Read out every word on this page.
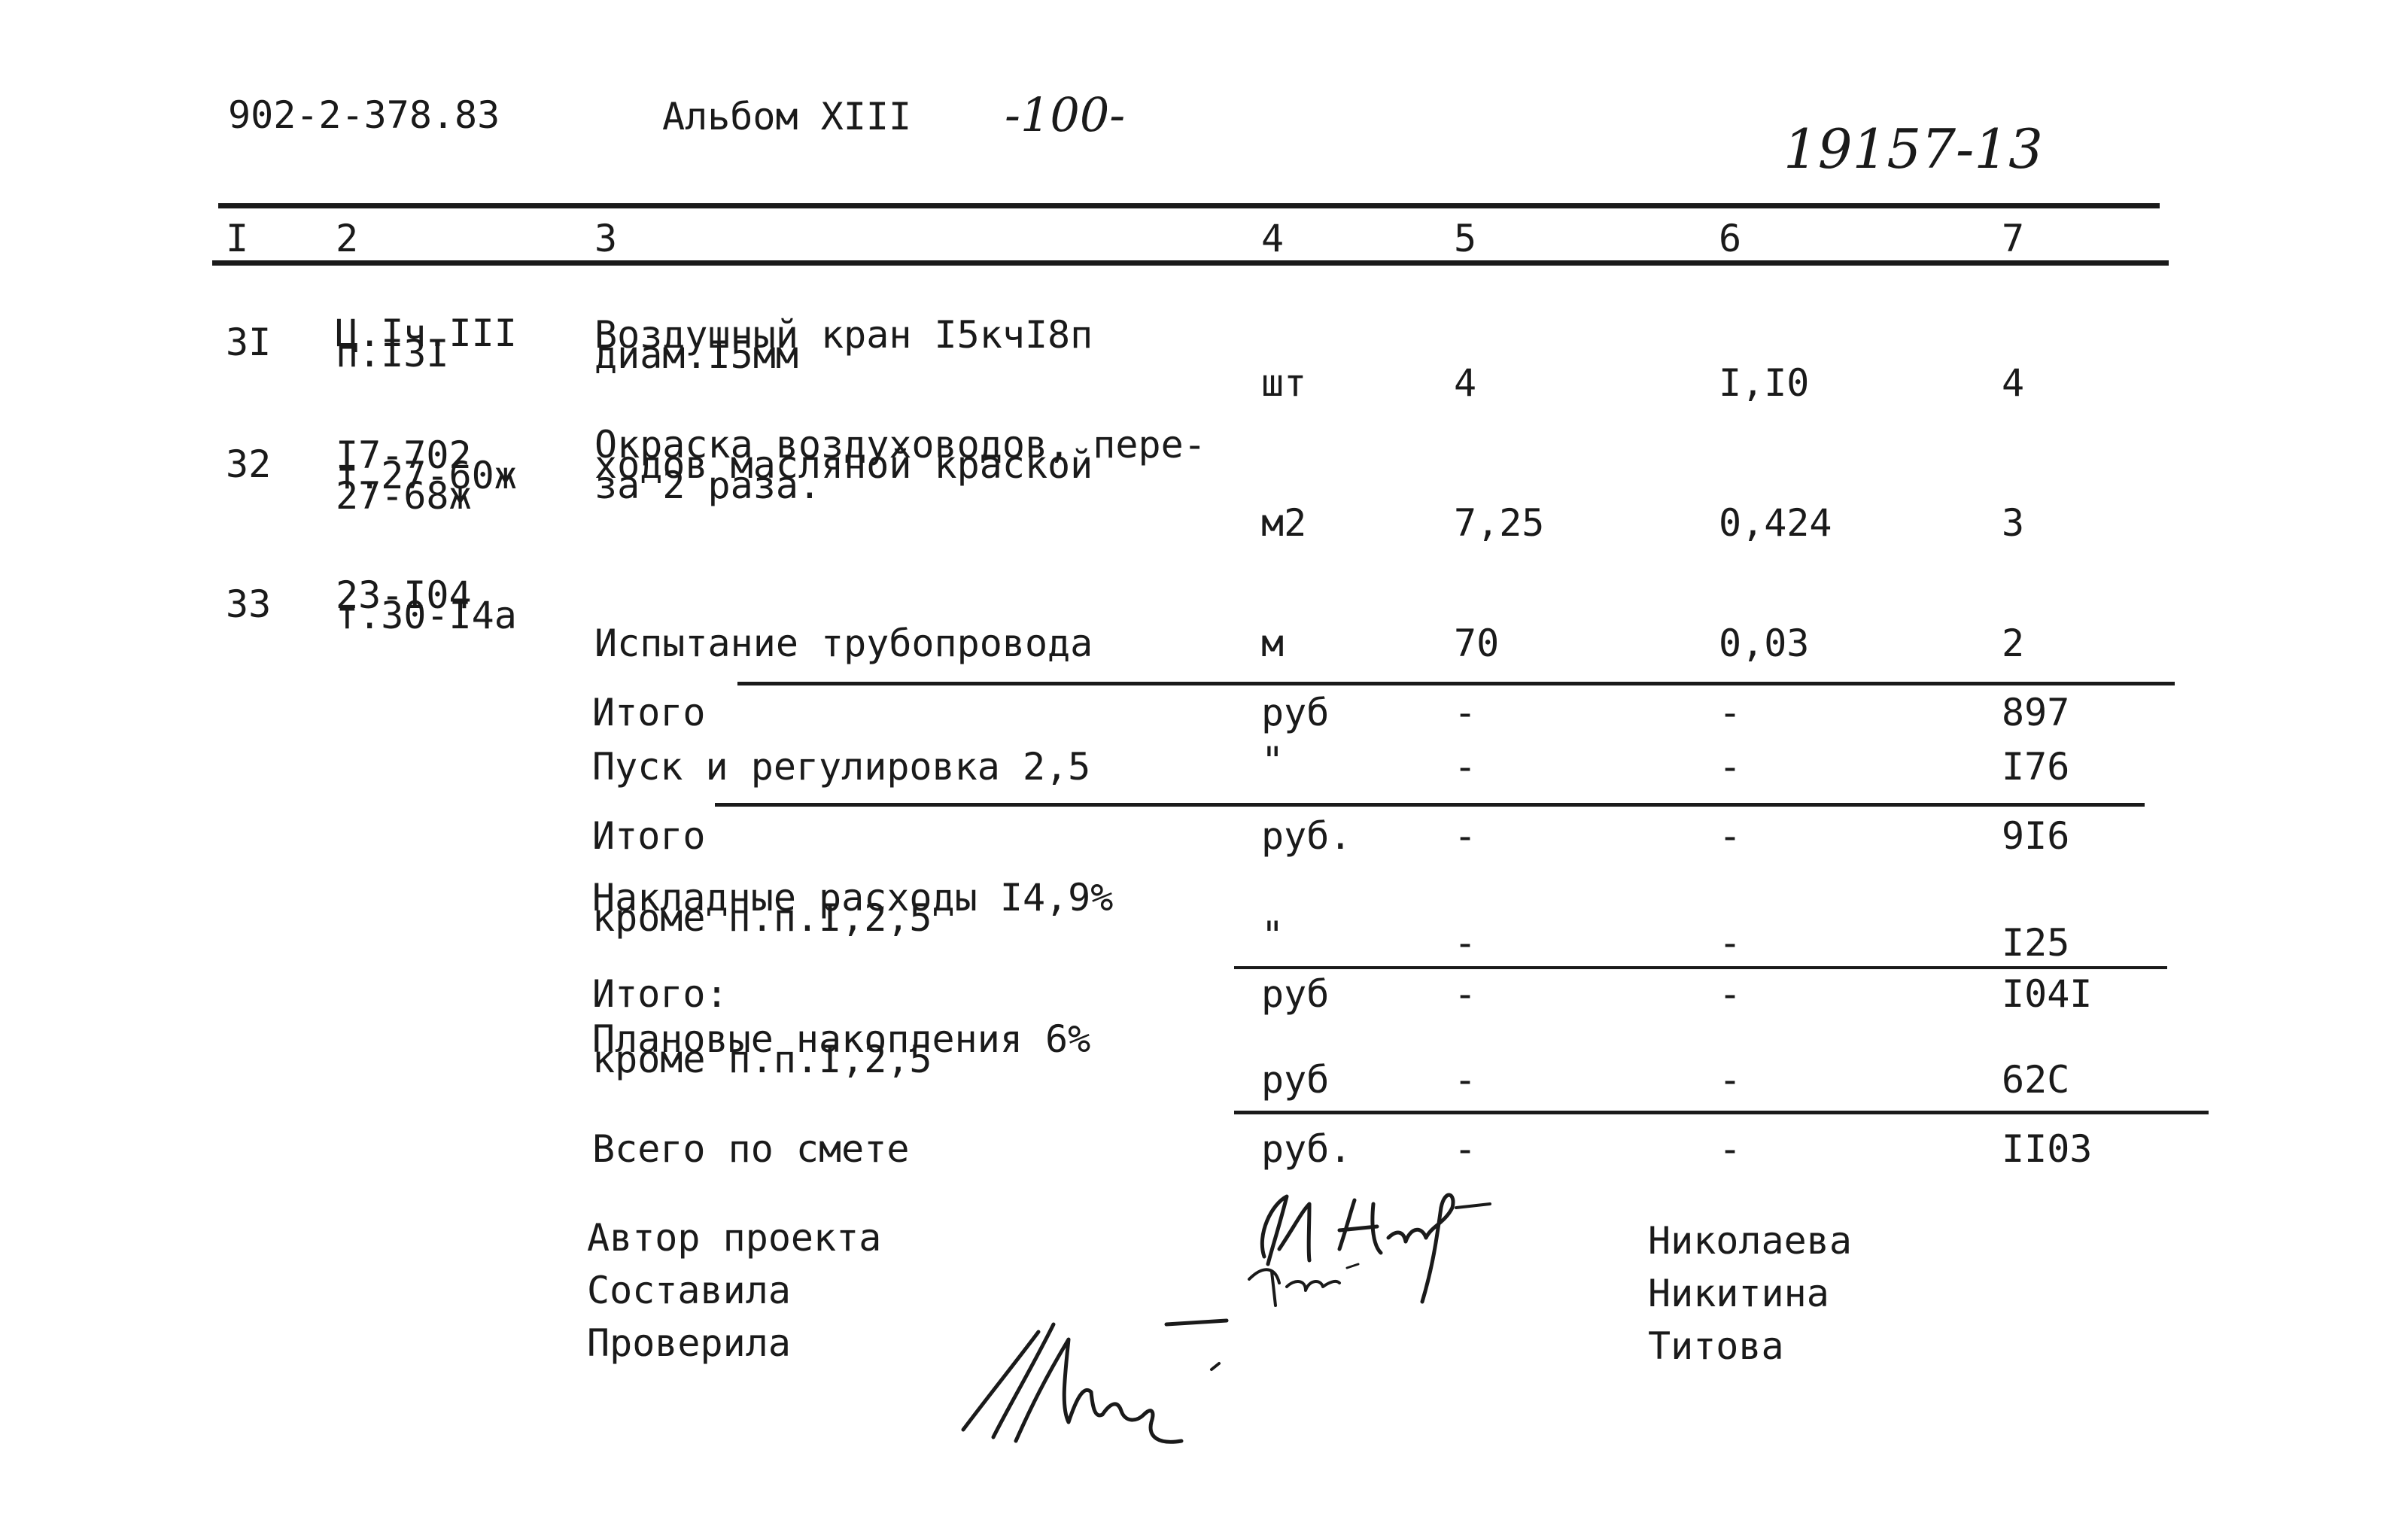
902-2-378.83	Альбом XIII -100-
19157-13
I 2	3	4	5	6	7
3I Ц.Iч.III
п.I3I	Воздушный кран I5кчI8п
диам.I5мм
шт	4	I,I0	4
32 I7-702
т.27-60ж
27-68ж
Окраска воздуховодов, пере-
ходов масляной краской
за 2 раза.
м2	7,25	0,424	3
33 23-I04
т.30-I4а
Испытание трубопровода	м	70	0,03	2
Итого	руб	-	-	897
Пуск и регулировка 2,5	"	-	-	I76
Итого	руб.	-	-	9I6
Накладные расходы I4,9%
кроме п.п.I,2,5	"	-	-	I25
Итого:	руб	-	-	I04I
Плановые накопления 6%
кроме п.п.I,2,5	руб	-	-	62С
Всего по смете	руб.	-	-	II03
Автор проекта
Составила
Проверила
Николаева
Никитина
Титова
